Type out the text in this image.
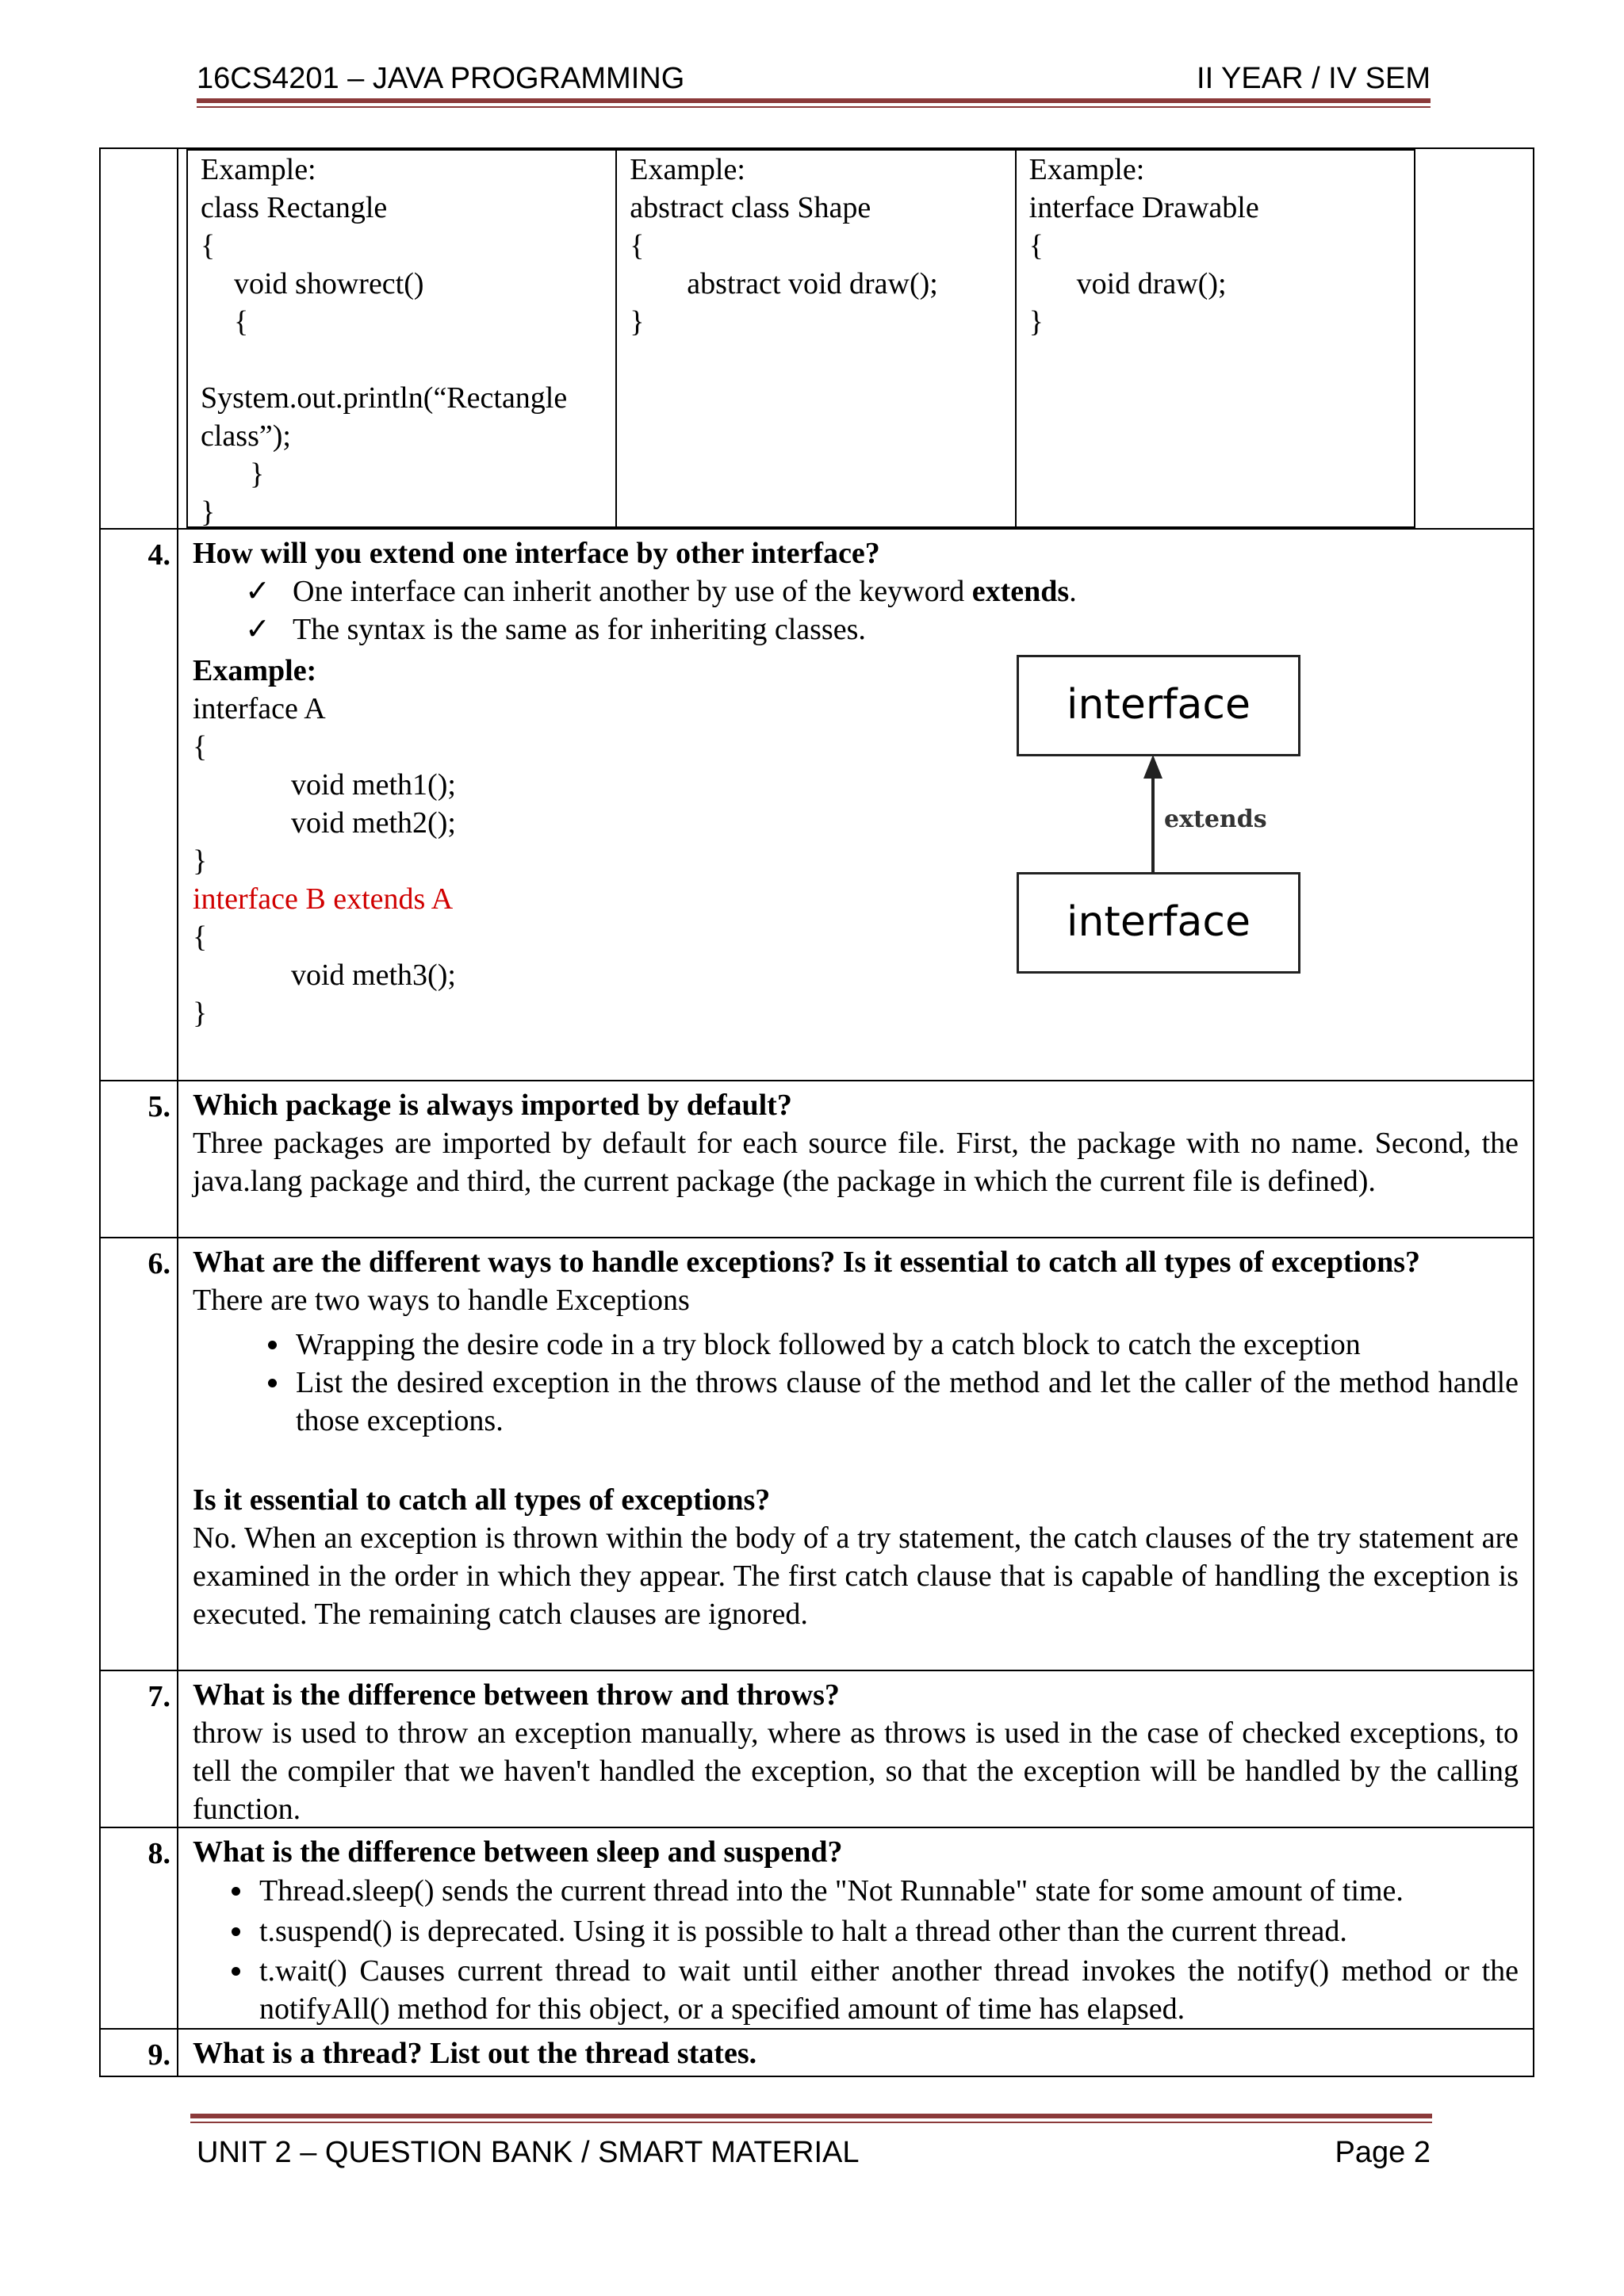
16CS4201 – JAVA PROGRAMMING	II YEAR / IV SEM
Example:
class Rectangle
{
void showrect()
{
System.out.println(“Rectangle class”);
}
}
Example:
abstract class Shape
{
abstract void draw();
}
Example:
interface Drawable
{
void draw();
}
4. How will you extend one interface by other interface?
✓ One interface can inherit another by use of the keyword extends.
✓ The syntax is the same as for inheriting classes.
Example:
interface A
{
void meth1();
void meth2();
}
interface B extends A
{
void meth3();
}
5. Which package is always imported by default?
Three packages are imported by default for each source file. First, the package with no name. Second, the java.lang package and third, the current package (the package in which the current file is defined).
6. What are the different ways to handle exceptions? Is it essential to catch all types of exceptions?
There are two ways to handle Exceptions
• Wrapping the desire code in a try block followed by a catch block to catch the exception
• List the desired exception in the throws clause of the method and let the caller of the method handle those exceptions.
Is it essential to catch all types of exceptions?
No. When an exception is thrown within the body of a try statement, the catch clauses of the try statement are examined in the order in which they appear. The first catch clause that is capable of handling the exception is executed. The remaining catch clauses are ignored.
7. What is the difference between throw and throws?
throw is used to throw an exception manually, where as throws is used in the case of checked exceptions, to tell the compiler that we haven't handled the exception, so that the exception will be handled by the calling function.
8. What is the difference between sleep and suspend?
• Thread.sleep() sends the current thread into the "Not Runnable" state for some amount of time.
• t.suspend() is deprecated. Using it is possible to halt a thread other than the current thread.
• t.wait() Causes current thread to wait until either another thread invokes the notify() method or the notifyAll() method for this object, or a specified amount of time has elapsed.
9. What is a thread? List out the thread states.
interface
extends
interface
UNIT 2 – QUESTION BANK / SMART MATERIAL	Page 2
